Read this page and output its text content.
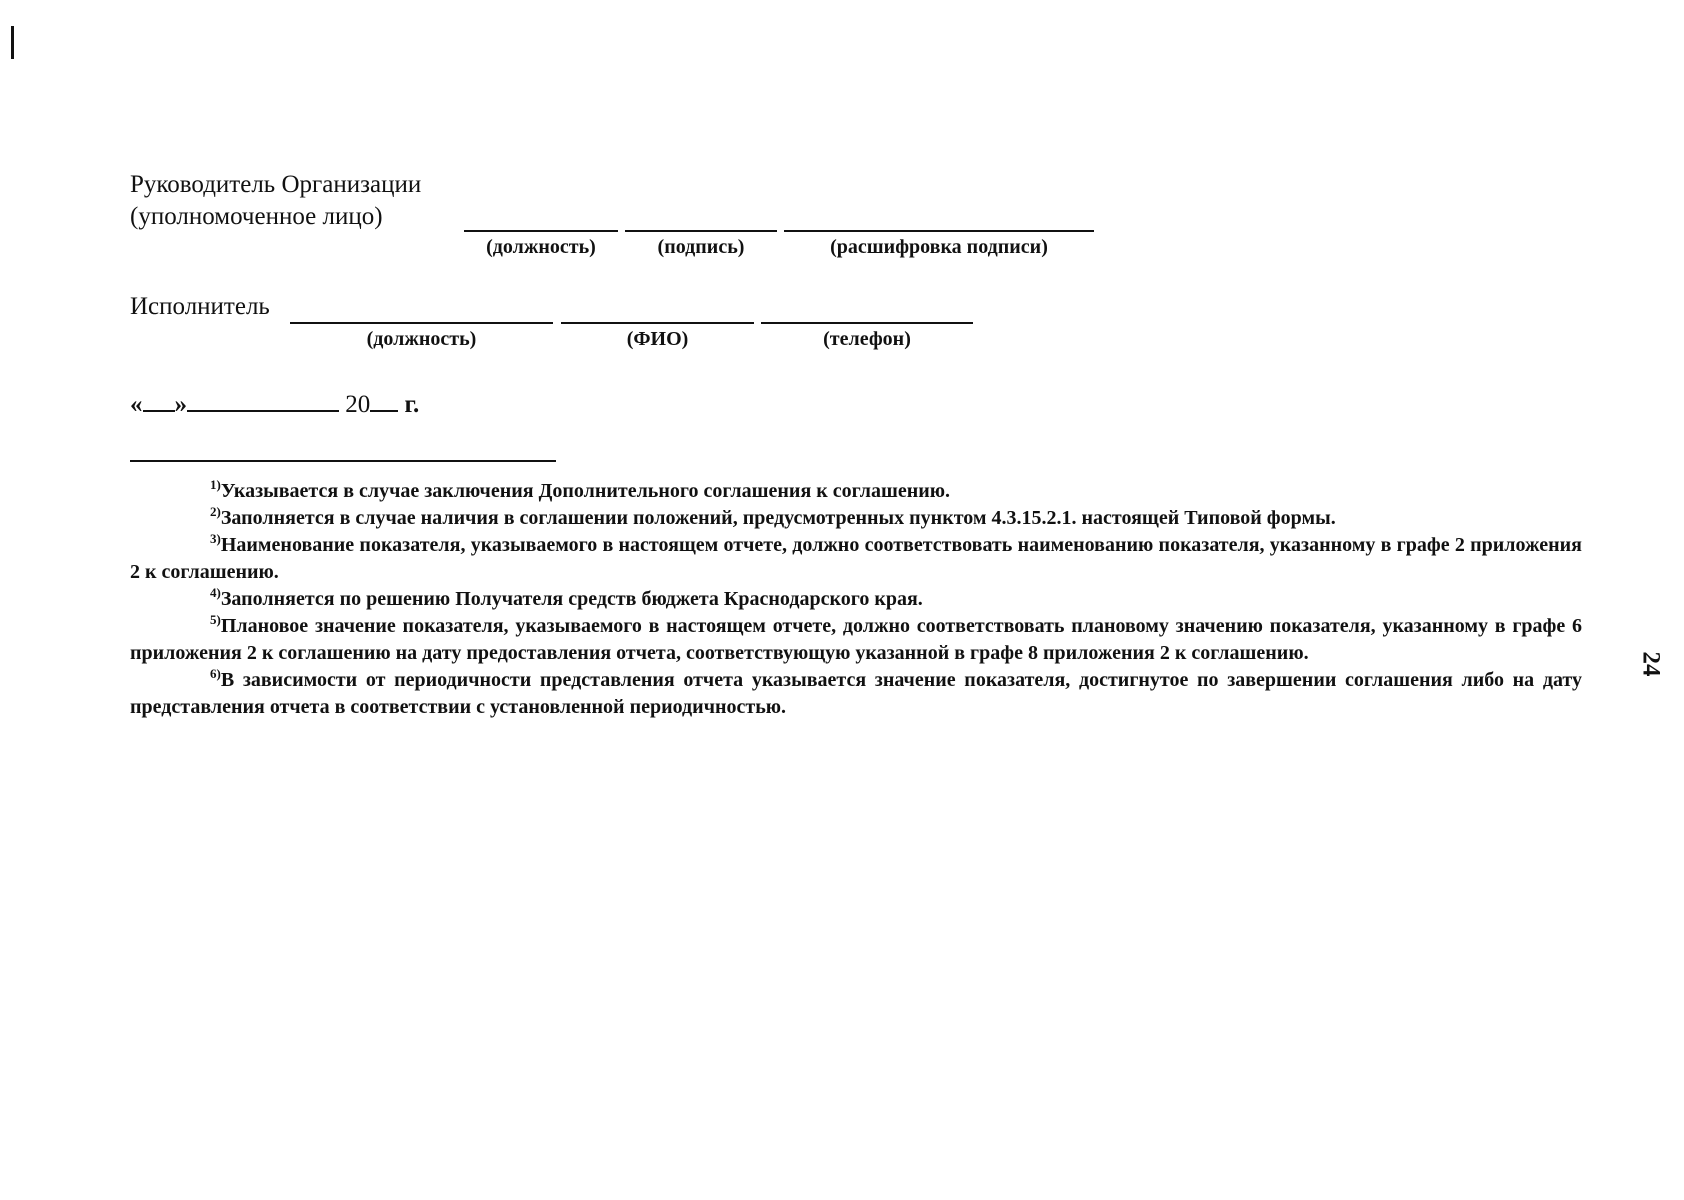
Руководитель Организации
(уполномоченное лицо)
(должность)	(подпись)	(расшифровка подписи)
Исполнитель
(должность)	(ФИО)	(телефон)
« »	20 г.

$^{1)}$Указывается в случае заключения Дополнительного соглашения к соглашению.

$^{2)}$Заполняется в случае наличия в соглашении положений, предусмотренных пунктом 4.3.15.2.1. настоящей Типовой формы.

$^{3)}$Наименование показателя, указываемого в настоящем отчете, должно соответствовать наименованию показателя, указанному в графе 2 приложения 2 к соглашению.

$^{4)}$Заполняется по решению Получателя средств бюджета Краснодарского края.

$^{5)}$Плановое значение показателя, указываемого в настоящем отчете, должно соответствовать плановому значению показателя, указанному в графе 6 приложения 2 к соглашению на дату предоставления отчета, соответствующую указанной в графе 8 приложения 2 к соглашению.

$^{6)}$В зависимости от периодичности представления отчета указывается значение показателя, достигнутое по завершении соглашения либо на дату представления отчета в соответствии с установленной периодичностью.

24
